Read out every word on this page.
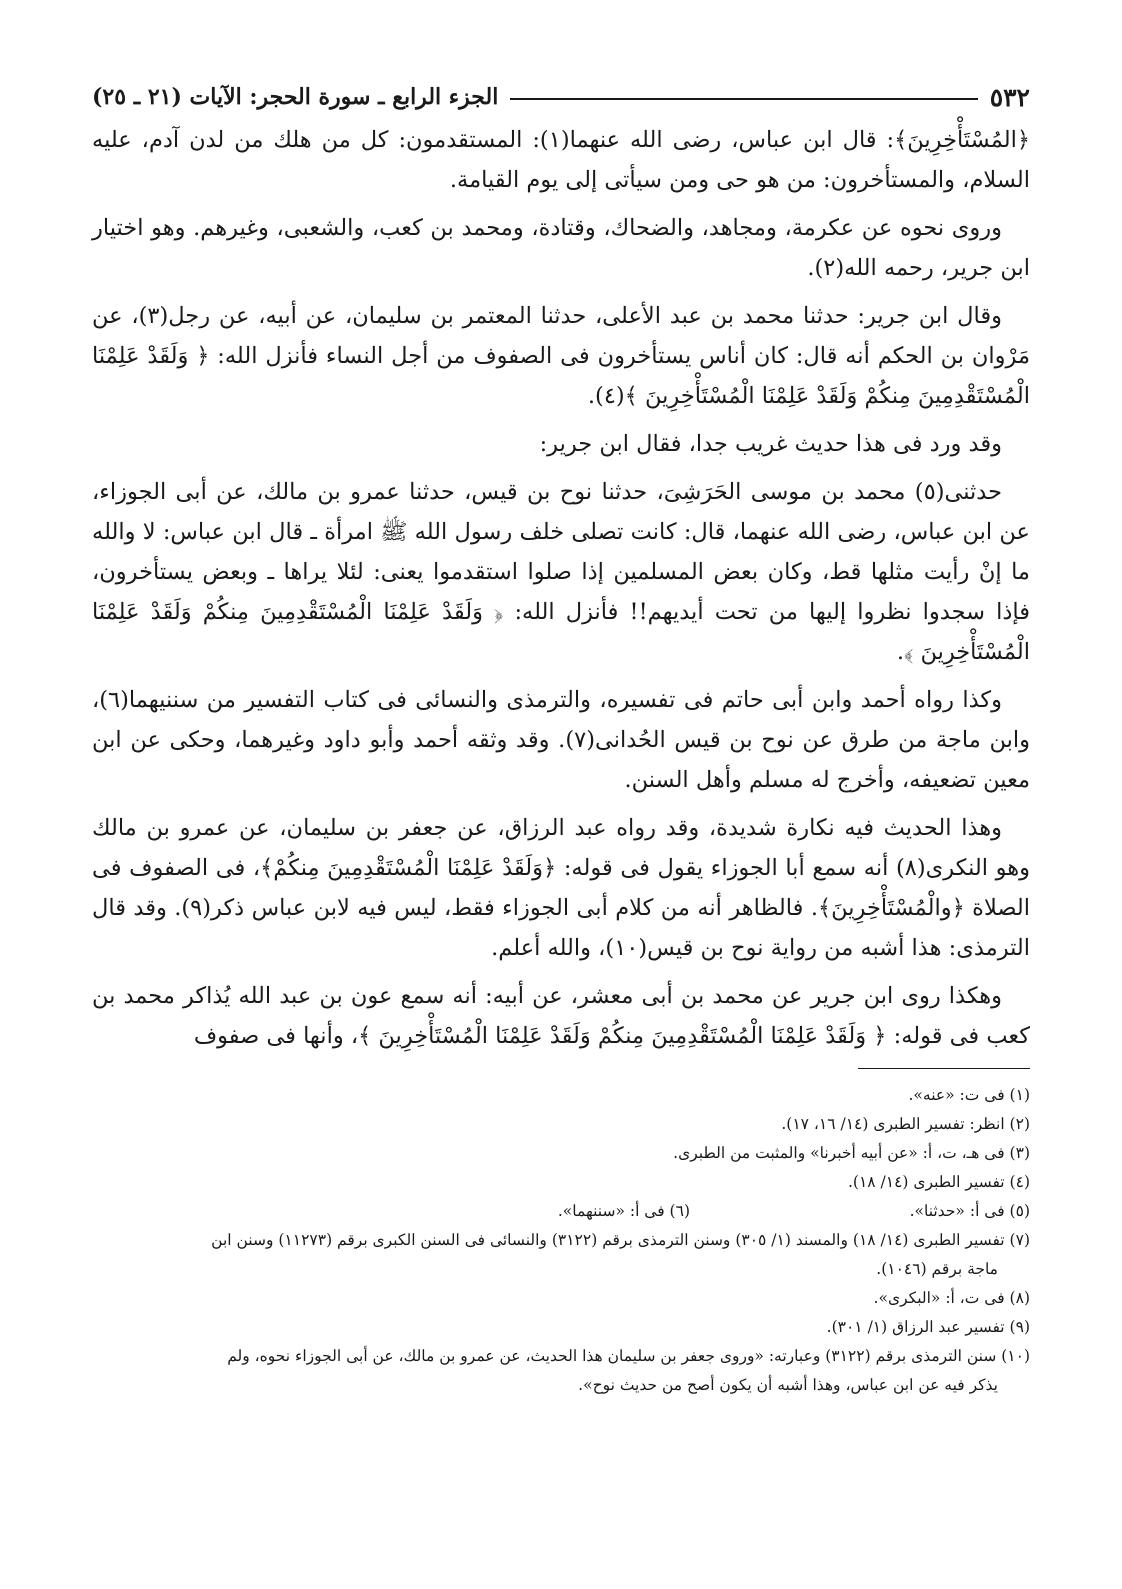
٥٣٢
الجزء الرابع ـ سورة الحجر: الآيات (٢١ ـ ٢٥)

﴿المُسْتَأْخِرِينَ﴾: قال ابن عباس، رضى الله عنهما(١): المستقدمون: كل من هلك من لدن آدم، عليه السلام، والمستأخرون: من هو حى ومن سيأتى إلى يوم القيامة.

وروى نحوه عن عكرمة، ومجاهد، والضحاك، وقتادة، ومحمد بن كعب، والشعبى، وغيرهم. وهو اختيار ابن جرير، رحمه الله(٢).

وقال ابن جرير: حدثنا محمد بن عبد الأعلى، حدثنا المعتمر بن سليمان، عن أبيه، عن رجل(٣)، عن مَرْوان بن الحكم أنه قال: كان أناس يستأخرون فى الصفوف من أجل النساء فأنزل الله: ﴿ وَلَقَدْ عَلِمْنَا الْمُسْتَقْدِمِينَ مِنكُمْ وَلَقَدْ عَلِمْنَا الْمُسْتَأْخِرِينَ ﴾(٤).

وقد ورد فى هذا حديث غريب جدا، فقال ابن جرير:

حدثنى(٥) محمد بن موسى الحَرَشِىَ، حدثنا نوح بن قيس، حدثنا عمرو بن مالك، عن أبى الجوزاء، عن ابن عباس، رضى الله عنهما، قال: كانت تصلى خلف رسول الله ﷺ امرأة ـ قال ابن عباس: لا والله ما إنْ رأيت مثلها قط، وكان بعض المسلمين إذا صلوا استقدموا يعنى: لئلا يراها ـ وبعض يستأخرون، فإذا سجدوا نظروا إليها من تحت أيديهم!! فأنزل الله: ﴿ وَلَقَدْ عَلِمْنَا الْمُسْتَقْدِمِينَ مِنكُمْ وَلَقَدْ عَلِمْنَا الْمُسْتَأْخِرِينَ ﴾.

وكذا رواه أحمد وابن أبى حاتم فى تفسيره، والترمذى والنسائى فى كتاب التفسير من سننيهما(٦)، وابن ماجة من طرق عن نوح بن قيس الحُدانى(٧). وقد وثقه أحمد وأبو داود وغيرهما، وحكى عن ابن معين تضعيفه، وأخرج له مسلم وأهل السنن.

وهذا الحديث فيه نكارة شديدة، وقد رواه عبد الرزاق، عن جعفر بن سليمان، عن عمرو بن مالك وهو النكرى(٨) أنه سمع أبا الجوزاء يقول فى قوله: ﴿وَلَقَدْ عَلِمْنَا الْمُسْتَقْدِمِينَ مِنكُمْ﴾، فى الصفوف فى الصلاة ﴿والْمُسْتَأْخِرِينَ﴾. فالظاهر أنه من كلام أبى الجوزاء فقط، ليس فيه لابن عباس ذكر(٩). وقد قال الترمذى: هذا أشبه من رواية نوح بن قيس(١٠)، والله أعلم.

وهكذا روى ابن جرير عن محمد بن أبى معشر، عن أبيه: أنه سمع عون بن عبد الله يُذاكر محمد بن كعب فى قوله: ﴿ وَلَقَدْ عَلِمْنَا الْمُسْتَقْدِمِينَ مِنكُمْ وَلَقَدْ عَلِمْنَا الْمُسْتَأْخِرِينَ ﴾، وأنها فى صفوف

(١) فى ت: «عنه».

(٢) انظر: تفسير الطبرى (١٤/ ١٦، ١٧).

(٣) فى هـ، ت، أ: «عن أبيه أخبرنا» والمثبت من الطبرى.

(٤) تفسير الطبرى (١٤/ ١٨).

(٥) فى أ: «حدثنا».

(٦) فى أ: «سننهما».

(٧) تفسير الطبرى (١٤/ ١٨) والمسند (١/ ٣٠٥) وسنن الترمذى برقم (٣١٢٢) والنسائى فى السنن الكبرى برقم (١١٢٧٣) وسنن ابن

ماجة برقم (١٠٤٦).

(٨) فى ت، أ: «البكرى».

(٩) تفسير عبد الرزاق (١/ ٣٠١).

(١٠) سنن الترمذى برقم (٣١٢٢) وعبارته: «وروى جعفر بن سليمان هذا الحديث، عن عمرو بن مالك، عن أبى الجوزاء نحوه، ولم

يذكر فيه عن ابن عباس، وهذا أشبه أن يكون أصح من حديث نوح».
